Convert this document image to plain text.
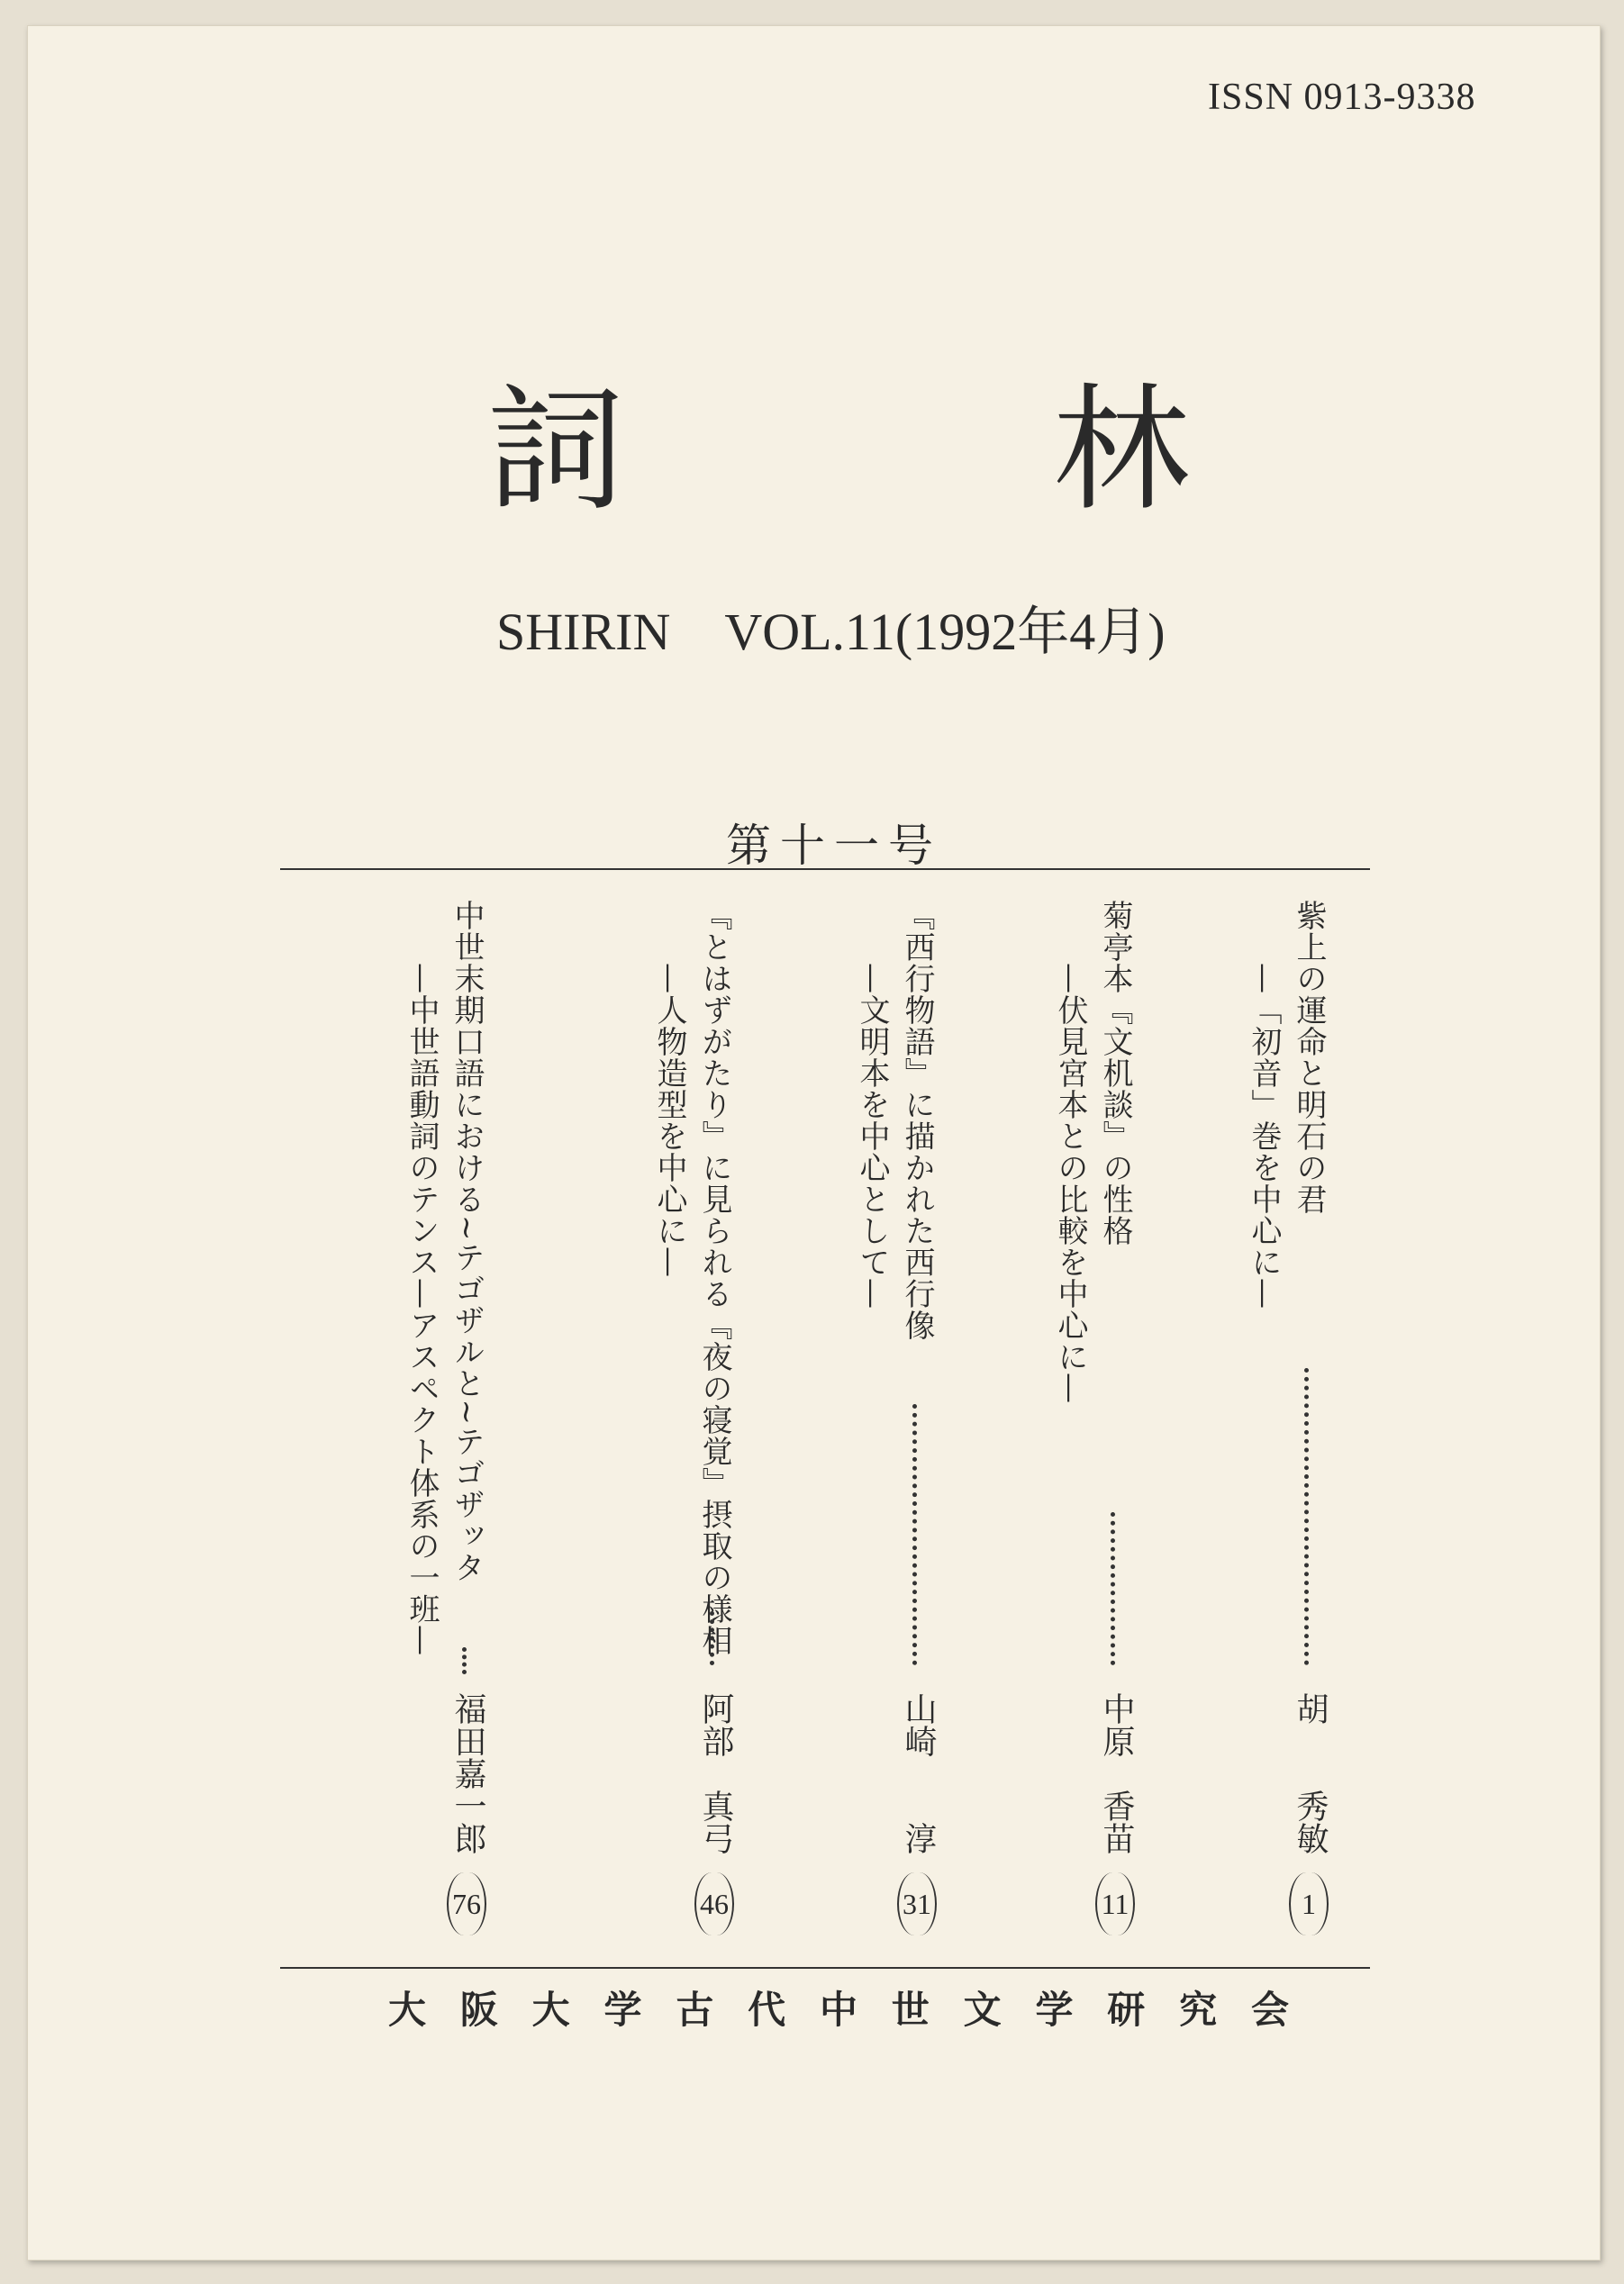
ISSN 0913-9338
詞	林
SHIRIN VOL.11(1992年4月)
第十一号
紫上の運命と明石の君
—「初音」巻を中心に—
胡　　秀敏
1
菊亭本『文机談』の性格
—伏見宮本との比較を中心に—
中原　香苗
11
『西行物語』に描かれた西行像
—文明本を中心として—
山崎　　淳
31
『とはずがたり』に見られる『夜の寝覚』摂取の様相
—人物造型を中心に—
阿部　真弓
46
中世末期口語における~テゴザルと~テゴザッタ
—中世語動詞のテンス—アスペクト体系の一班—
福田嘉一郎
76
大 阪 大 学 古 代 中 世 文 学 研 究 会
